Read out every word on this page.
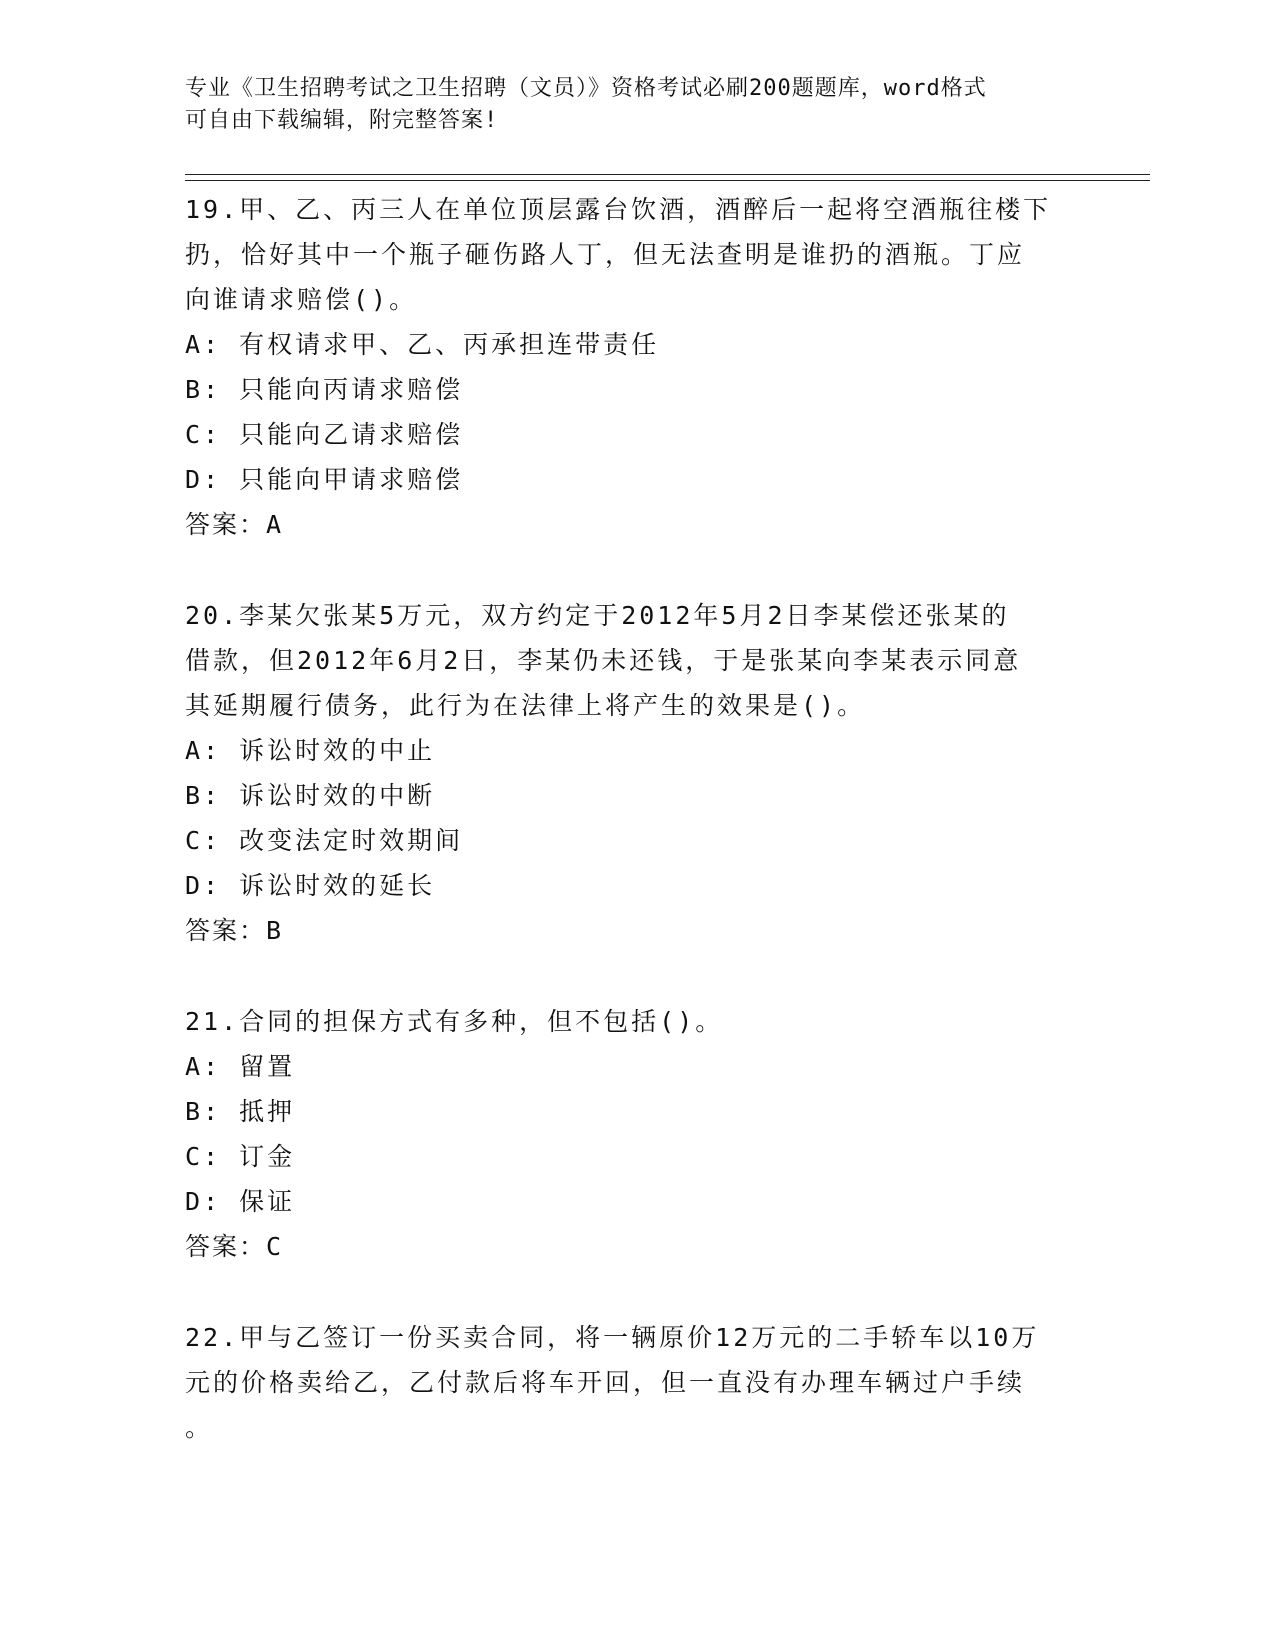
专业《卫生招聘考试之卫生招聘（文员）》资格考试必刷200题题库，word格式
可自由下载编辑，附完整答案!

19.甲、乙、丙三人在单位顶层露台饮酒，酒醉后一起将空酒瓶往楼下

扔，恰好其中一个瓶子砸伤路人丁，但无法查明是谁扔的酒瓶。丁应

向谁请求赔偿()。

A: 有权请求甲、乙、丙承担连带责任

B: 只能向丙请求赔偿

C: 只能向乙请求赔偿

D: 只能向甲请求赔偿

答案：A

20.李某欠张某5万元，双方约定于2012年5月2日李某偿还张某的

借款，但2012年6月2日，李某仍未还钱，于是张某向李某表示同意

其延期履行债务，此行为在法律上将产生的效果是()。

A: 诉讼时效的中止

B: 诉讼时效的中断

C: 改变法定时效期间

D: 诉讼时效的延长

答案：B

21.合同的担保方式有多种，但不包括()。

A: 留置

B: 抵押

C: 订金

D: 保证

答案：C

22.甲与乙签订一份买卖合同，将一辆原价12万元的二手轿车以10万

元的价格卖给乙，乙付款后将车开回，但一直没有办理车辆过户手续

。
